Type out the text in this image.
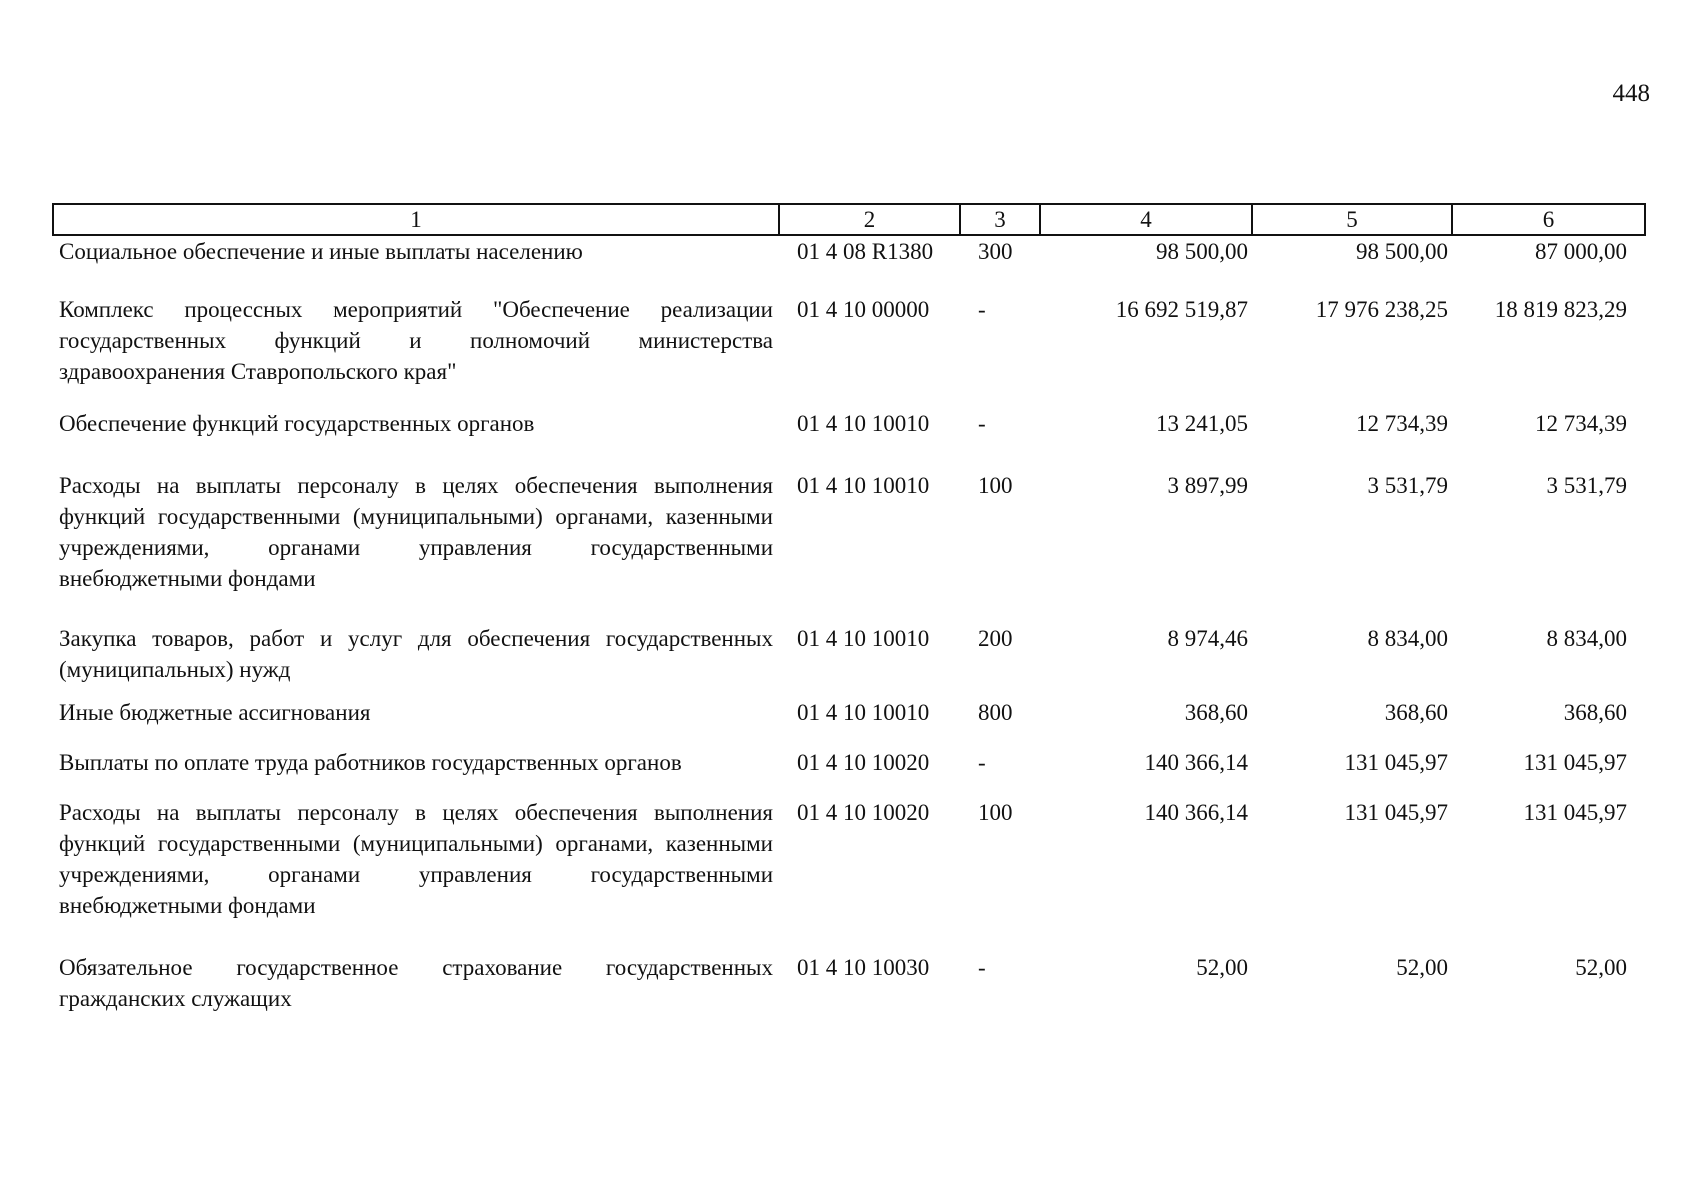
448
1	2	3	4	5	6
Социальное обеспечение и иные выплаты населению	01 4 08 R1380	300	98 500,00	98 500,00	87 000,00
Комплекс процессных мероприятий "Обеспечение реализации государственных функций и полномочий министерства здравоохранения Ставропольского края"	01 4 10 00000	-	16 692 519,87	17 976 238,25	18 819 823,29
Обеспечение функций государственных органов	01 4 10 10010	-	13 241,05	12 734,39	12 734,39
Расходы на выплаты персоналу в целях обеспечения выполнения функций государственными (муниципальными) органами, казенными учреждениями, органами управления государственными внебюджетными фондами	01 4 10 10010	100	3 897,99	3 531,79	3 531,79
Закупка товаров, работ и услуг для обеспечения государственных (муниципальных) нужд	01 4 10 10010	200	8 974,46	8 834,00	8 834,00
Иные бюджетные ассигнования	01 4 10 10010	800	368,60	368,60	368,60
Выплаты по оплате труда работников государственных органов	01 4 10 10020	-	140 366,14	131 045,97	131 045,97
Расходы на выплаты персоналу в целях обеспечения выполнения функций государственными (муниципальными) органами, казенными учреждениями, органами управления государственными внебюджетными фондами	01 4 10 10020	100	140 366,14	131 045,97	131 045,97
Обязательное государственное страхование государственных гражданских служащих	01 4 10 10030	-	52,00	52,00	52,00
